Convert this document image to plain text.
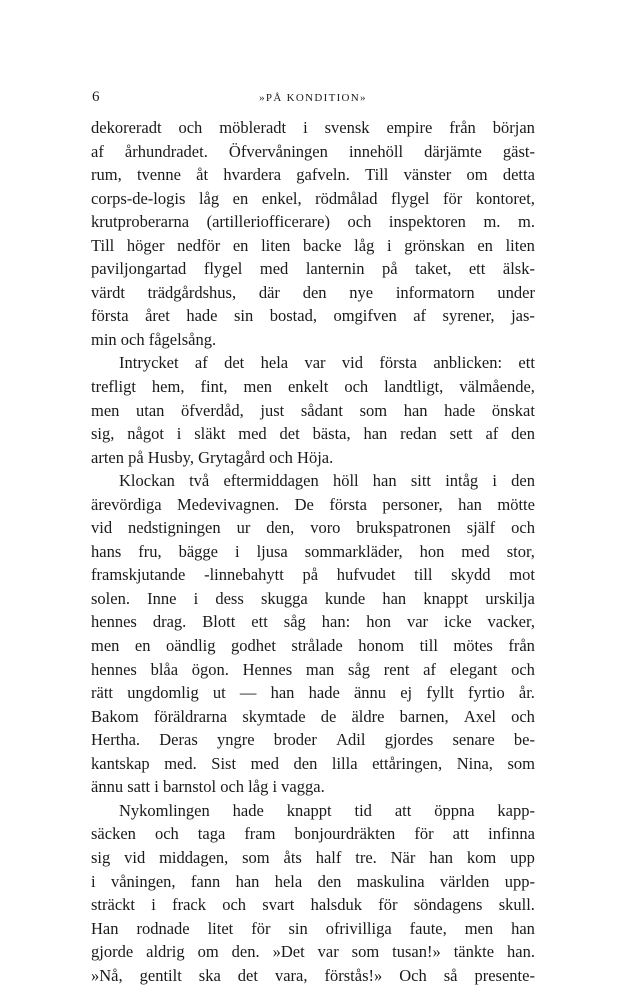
6	»PÅ KONDITION»
dekoreradt och möbleradt i svensk empire från början
af århundradet. Öfvervåningen innehöll därjämte gäst-
rum, tvenne åt hvardera gafveln. Till vänster om detta
corps-de-logis låg en enkel, rödmålad flygel för kontoret,
krutproberarna (artilleriofficerare) och inspektoren m. m.
Till höger nedför en liten backe låg i grönskan en liten
paviljongartad flygel med lanternin på taket, ett älsk-
värdt trädgårdshus, där den nye informatorn under
första året hade sin bostad, omgifven af syrener, jas-
min och fågelsång.
Intrycket af det hela var vid första anblicken: ett
trefligt hem, fint, men enkelt och landtligt, välmående,
men utan öfverdåd, just sådant som han hade önskat
sig, något i släkt med det bästa, han redan sett af den
arten på Husby, Grytagård och Höja.
Klockan två eftermiddagen höll han sitt intåg i den
ärevördiga Medevivagnen. De första personer, han mötte
vid nedstigningen ur den, voro brukspatronen själf och
hans fru, bägge i ljusa sommarkläder, hon med stor,
framskjutande -linnebahytt på hufvudet till skydd mot
solen. Inne i dess skugga kunde han knappt urskilja
hennes drag. Blott ett såg han: hon var icke vacker,
men en oändlig godhet strålade honom till mötes från
hennes blåa ögon. Hennes man såg rent af elegant och
rätt ungdomlig ut — han hade ännu ej fyllt fyrtio år.
Bakom föräldrarna skymtade de äldre barnen, Axel och
Hertha. Deras yngre broder Adil gjordes senare be-
kantskap med. Sist med den lilla ettåringen, Nina, som
ännu satt i barnstol och låg i vagga.
Nykomlingen hade knappt tid att öppna kapp-
säcken och taga fram bonjourdräkten för att infinna
sig vid middagen, som åts half tre. När han kom upp
i våningen, fann han hela den maskulina världen upp-
sträckt i frack och svart halsduk för söndagens skull.
Han rodnade litet för sin ofrivilliga faute, men han
gjorde aldrig om den. »Det var som tusan!» tänkte han.
»Nå, gentilt ska det vara, förstås!» Och så presente-
